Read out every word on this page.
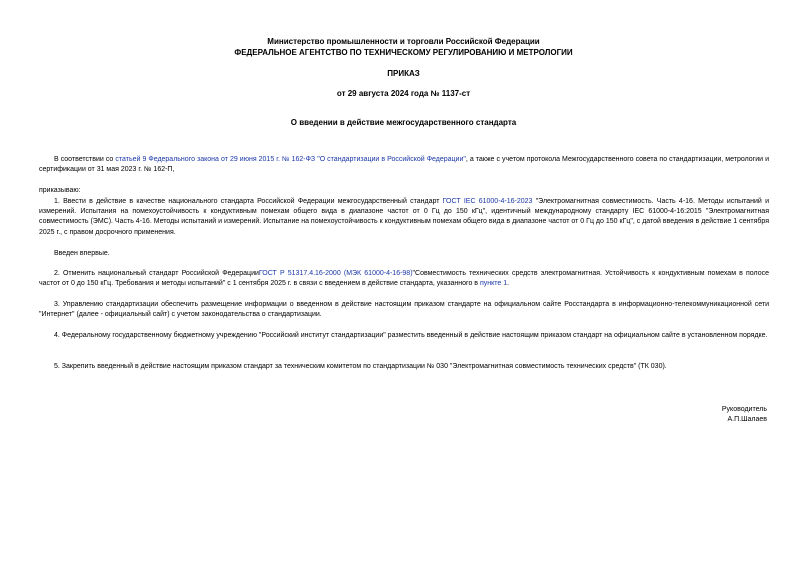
Министерство промышленности и торговли Российской Федерации
ФЕДЕРАЛЬНОЕ АГЕНТСТВО ПО ТЕХНИЧЕСКОМУ РЕГУЛИРОВАНИЮ И МЕТРОЛОГИИ
ПРИКАЗ
от 29 августа 2024 года № 1137-ст
О введении в действие межгосударственного стандарта

В соответствии со статьей 9 Федерального закона от 29 июня 2015 г. № 162-ФЗ "О стандартизации в Российской Федерации", а также с учетом протокола Межгосударственного совета по стандартизации, метрологии и сертификации от 31 мая 2023 г. № 162-П,

приказываю:

1. Ввести в действие в качестве национального стандарта Российской Федерации межгосударственный стандарт ГОСТ IEC 61000-4-16-2023 "Электромагнитная совместимость. Часть 4-16. Методы испытаний и измерений. Испытания на помехоустойчивость к кондуктивным помехам общего вида в диапазоне частот от 0 Гц до 150 кГц", идентичный международному стандарту IEC 61000-4-16:2015 "Электромагнитная совместимость (ЭМС). Часть 4-16. Методы испытаний и измерений. Испытание на помехоустойчивость к кондуктивным помехам общего вида в диапазоне частот от 0 Гц до 150 кГц", с датой введения в действие 1 сентября 2025 г., с правом досрочного применения.

Введен впервые.

2. Отменить национальный стандарт Российской ФедерацииГОСТ Р 51317.4.16-2000 (МЭК 61000-4-16-98)"Совместимость технических средств электромагнитная. Устойчивость к кондуктивным помехам в полосе частот от 0 до 150 кГц. Требования и методы испытаний" с 1 сентября 2025 г. в связи с введением в действие стандарта, указанного в пункте 1.

3. Управлению стандартизации обеспечить размещение информации о введенном в действие настоящим приказом стандарте на официальном сайте Росстандарта в информационно-телекоммуникационной сети "Интернет" (далее - официальный сайт) с учетом законодательства о стандартизации.

4. Федеральному государственному бюджетному учреждению "Российский институт стандартизации" разместить введенный в действие настоящим приказом стандарт на официальном сайте в установленном порядке.

5. Закрепить введенный в действие настоящим приказом стандарт за техническим комитетом по стандартизации № 030 "Электромагнитная совместимость технических средств" (ТК 030).

Руководитель
А.П.Шалаев
